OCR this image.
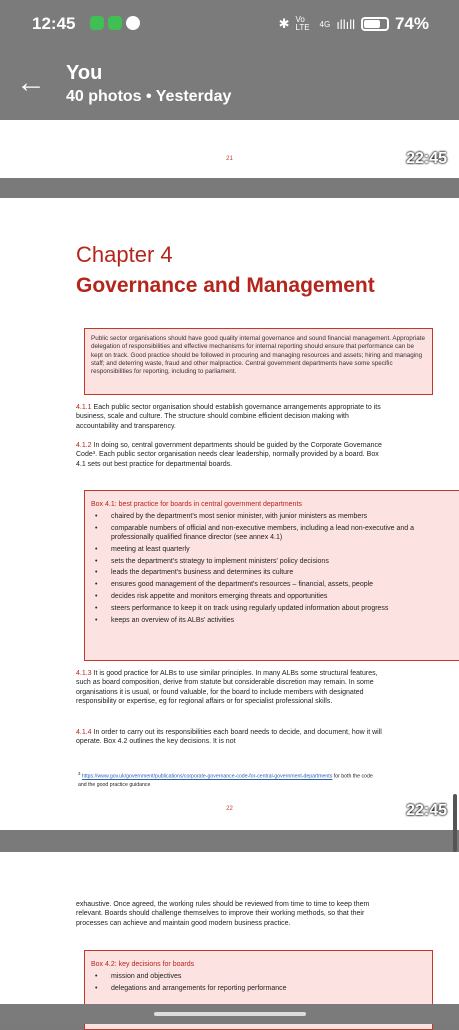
12:45	✱ Vo LTE	4G ıllıll 74%
← You
40 photos • Yesterday
21	22:45
Chapter 4
Governance and Management

Public sector organisations should have good quality internal governance and sound financial management. Appropriate delegation of responsibilities and effective mechanisms for internal reporting should ensure that performance can be kept on track. Good practice should be followed in procuring and managing resources and assets; hiring and managing staff; and deterring waste, fraud and other malpractice. Central government departments have some specific responsibilities for reporting, including to parliament.

4.1.1 Each public sector organisation should establish governance arrangements appropriate to its business, scale and culture. The structure should combine efficient decision making with accountability and transparency.

4.1.2 In doing so, central government departments should be guided by the Corporate Governance Code³. Each public sector organisation needs clear leadership, normally provided by a board. Box 4.1 sets out best practice for departmental boards.

Box 4.1: best practice for boards in central government departments
• chaired by the department's most senior minister, with junior ministers as members
• comparable numbers of official and non-executive members, including a lead non-executive and a professionally qualified finance director (see annex 4.1)
• meeting at least quarterly
• sets the department's strategy to implement ministers' policy decisions
• leads the department's business and determines its culture
• ensures good management of the department's resources – financial, assets, people
• decides risk appetite and monitors emerging threats and opportunities
• steers performance to keep it on track using regularly updated information about progress
• keeps an overview of its ALBs' activities

4.1.3 It is good practice for ALBs to use similar principles. In many ALBs some structural features, such as board composition, derive from statute but considerable discretion may remain. In some organisations it is usual, or found valuable, for the board to include members with designated responsibility or expertise, eg for regional affairs or for specialist professional skills.

4.1.4 In order to carry out its responsibilities each board needs to decide, and document, how it will operate. Box 4.2 outlines the key decisions. It is not

$^3$ https://www.gov.uk/government/publications/corporate-governance-code-for-central-government-departments for both the code and the good practice guidance
22	22:45

exhaustive. Once agreed, the working rules should be reviewed from time to time to keep them relevant. Boards should challenge themselves to improve their working methods, so that their processes can achieve and maintain good modern business practice.

Box 4.2: key decisions for boards
• mission and objectives
• delegations and arrangements for reporting performance
